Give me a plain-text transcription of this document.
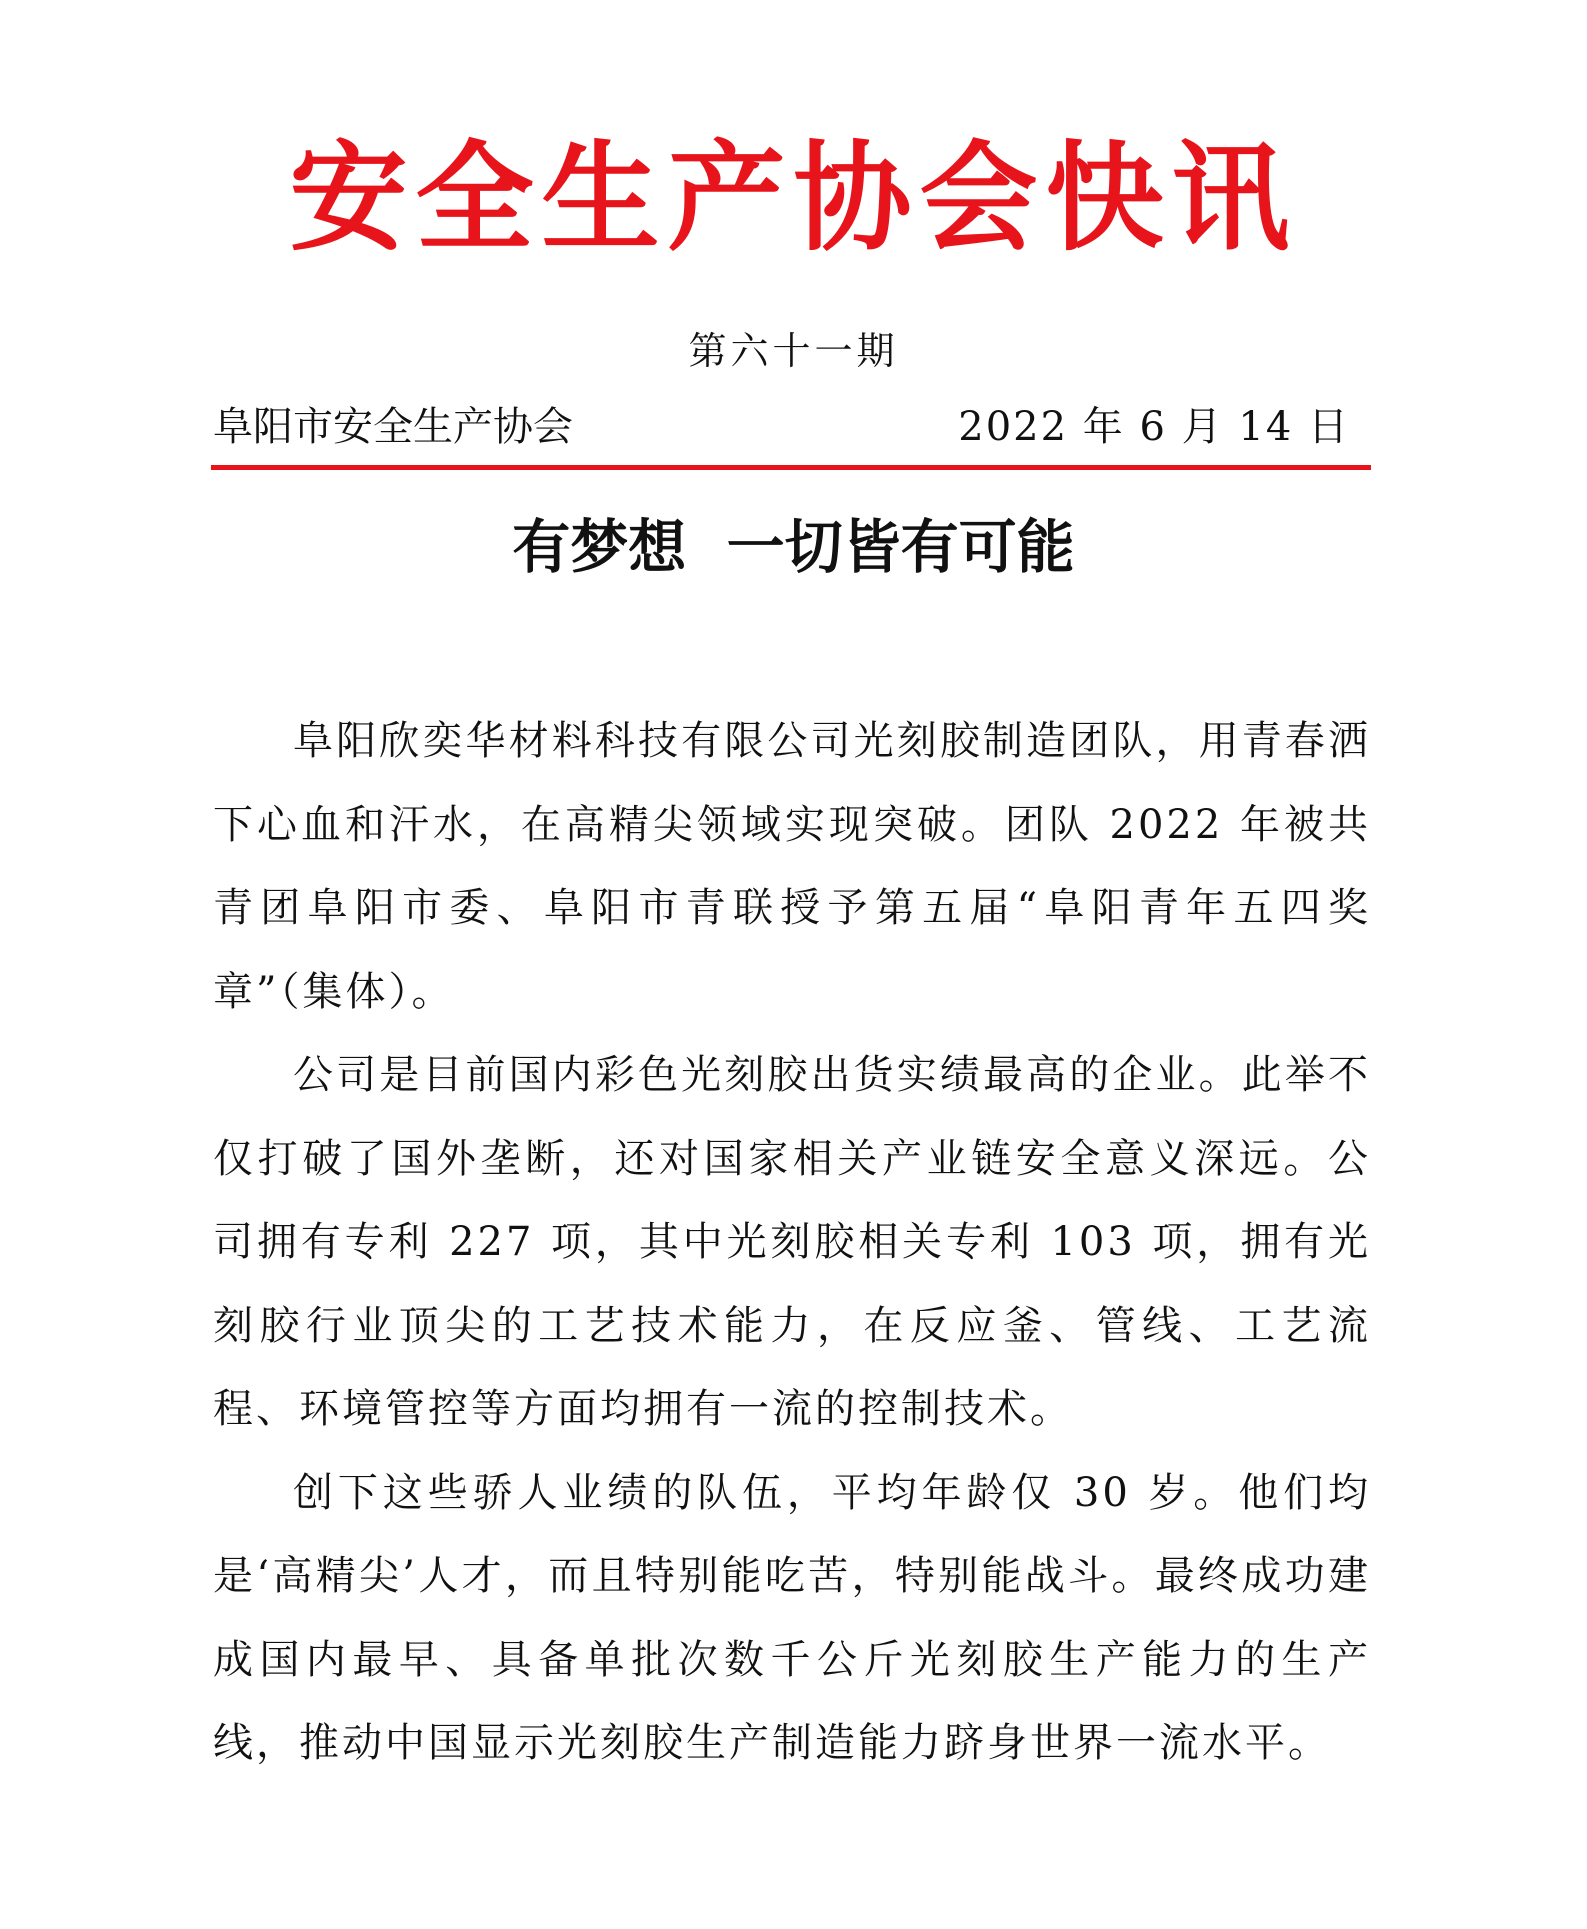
安全生产协会快讯
第六十一期
阜阳市安全生产协会	2022 年 6 月 14 日
有梦想  一切皆有可能

阜阳欣奕华材料科技有限公司光刻胶制造团队，用青春洒下心血和汗水，在高精尖领域实现突破。团队 2022 年被共青团阜阳市委、阜阳市青联授予第五届“阜阳青年五四奖章”（集体）。

公司是目前国内彩色光刻胶出货实绩最高的企业。此举不仅打破了国外垄断，还对国家相关产业链安全意义深远。公司拥有专利 227 项，其中光刻胶相关专利 103 项，拥有光刻胶行业顶尖的工艺技术能力，在反应釜、管线、工艺流程、环境管控等方面均拥有一流的控制技术。

创下这些骄人业绩的队伍，平均年龄仅 30 岁。他们均是‘高精尖’人才，而且特别能吃苦，特别能战斗。最终成功建成国内最早、具备单批次数千公斤光刻胶生产能力的生产线，推动中国显示光刻胶生产制造能力跻身世界一流水平。
